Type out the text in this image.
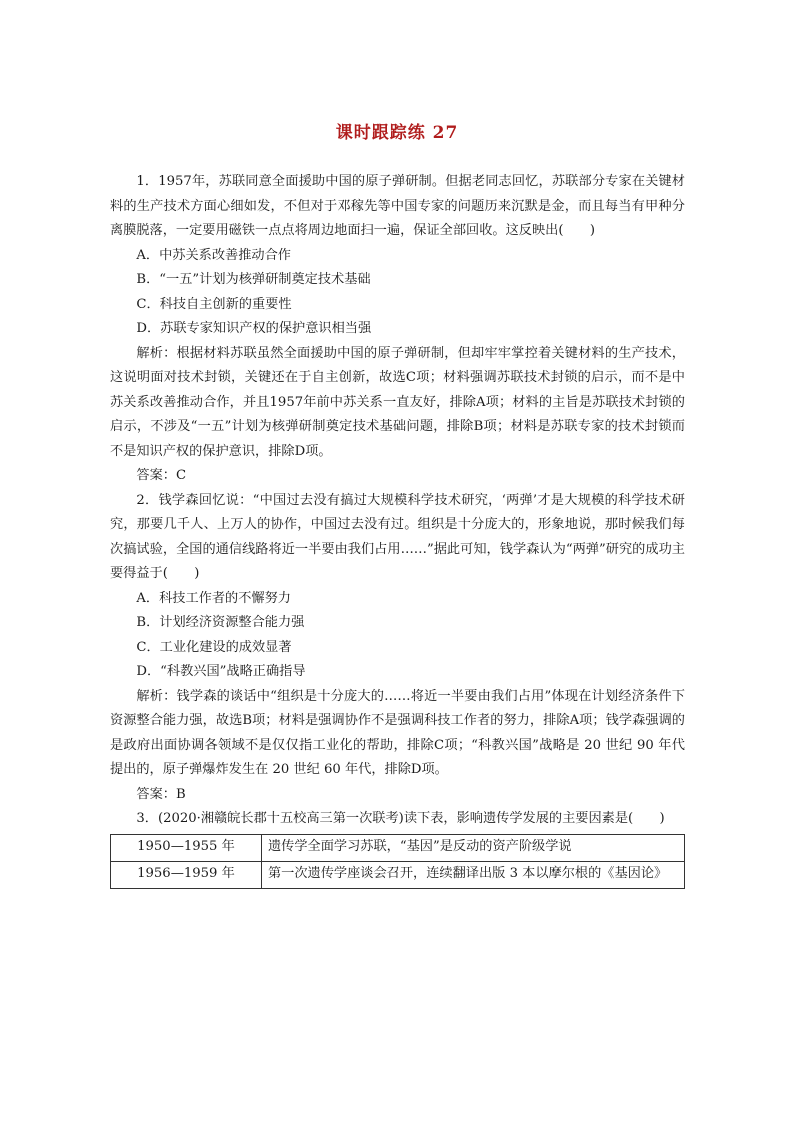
课时跟踪练 27

1．1957年，苏联同意全面援助中国的原子弹研制。但据老同志回忆，苏联部分专家在关键材料的生产技术方面心细如发，不但对于邓稼先等中国专家的问题历来沉默是金，而且每当有甲种分离膜脱落，一定要用磁铁一点点将周边地面扫一遍，保证全部回收。这反映出(　　)

A．中苏关系改善推动合作

B．“一五”计划为核弹研制奠定技术基础

C．科技自主创新的重要性

D．苏联专家知识产权的保护意识相当强

解析：根据材料苏联虽然全面援助中国的原子弹研制，但却牢牢掌控着关键材料的生产技术，这说明面对技术封锁，关键还在于自主创新，故选C项；材料强调苏联技术封锁的启示，而不是中苏关系改善推动合作，并且1957年前中苏关系一直友好，排除A项；材料的主旨是苏联技术封锁的启示，不涉及“一五”计划为核弹研制奠定技术基础问题，排除B项；材料是苏联专家的技术封锁而不是知识产权的保护意识，排除D项。

答案：C

2．钱学森回忆说：“中国过去没有搞过大规模科学技术研究，‘两弹’才是大规模的科学技术研究，那要几千人、上万人的协作，中国过去没有过。组织是十分庞大的，形象地说，那时候我们每次搞试验，全国的通信线路将近一半要由我们占用……”据此可知，钱学森认为“两弹”研究的成功主要得益于(　　)

A．科技工作者的不懈努力

B．计划经济资源整合能力强

C．工业化建设的成效显著

D．“科教兴国”战略正确指导

解析：钱学森的谈话中“组织是十分庞大的……将近一半要由我们占用”体现在计划经济条件下资源整合能力强，故选B项；材料是强调协作不是强调科技工作者的努力，排除A项；钱学森强调的是政府出面协调各领域不是仅仅指工业化的帮助，排除C项；“科教兴国”战略是 20 世纪 90 年代提出的，原子弹爆炸发生在 20 世纪 60 年代，排除D项。

答案：B

3．(2020·湘赣皖长郡十五校高三第一次联考)读下表，影响遗传学发展的主要因素是(　　)

1950—1955 年	遗传学全面学习苏联，“基因”是反动的资产阶级学说
1956—1959 年	第一次遗传学座谈会召开，连续翻译出版 3 本以摩尔根的《基因论》
